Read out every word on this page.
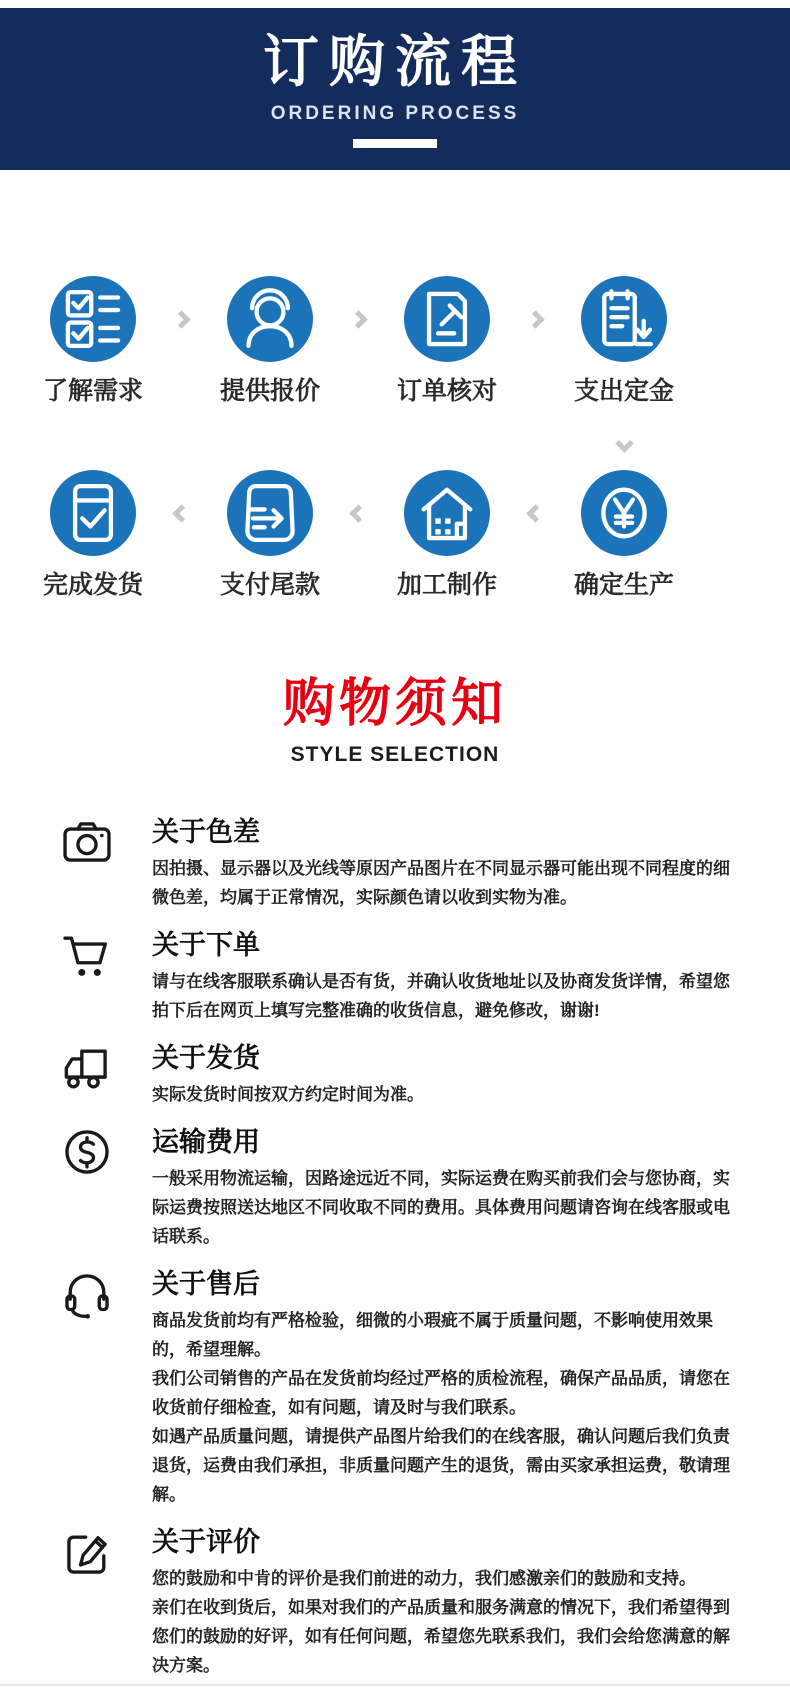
订购流程
ORDERING PROCESS
了解需求	提供报价	订单核对	支出定金
完成发货	支付尾款	加工制作	确定生产
购物须知
STYLE SELECTION
关于色差

因拍摄、显示器以及光线等原因产品图片在不同显示器可能出现不同程度的细微色差，均属于正常情况，实际颜色请以收到实物为准。

关于下单

请与在线客服联系确认是否有货，并确认收货地址以及协商发货详情，希望您拍下后在网页上填写完整准确的收货信息，避免修改，谢谢!

关于发货

实际发货时间按双方约定时间为准。

运输费用

一般采用物流运输，因路途远近不同，实际运费在购买前我们会与您协商，实际运费按照送达地区不同收取不同的费用。具体费用问题请咨询在线客服或电话联系。

关于售后

商品发货前均有严格检验，细微的小瑕疵不属于质量问题，不影响使用效果的，希望理解。

我们公司销售的产品在发货前均经过严格的质检流程，确保产品品质，请您在收货前仔细检查，如有问题，请及时与我们联系。

如遇产品质量问题，请提供产品图片给我们的在线客服，确认问题后我们负责退货，运费由我们承担，非质量问题产生的退货，需由买家承担运费，敬请理解。

关于评价

您的鼓励和中肯的评价是我们前进的动力，我们感激亲们的鼓励和支持。

亲们在收到货后，如果对我们的产品质量和服务满意的情况下，我们希望得到您们的鼓励的好评，如有任何问题，希望您先联系我们，我们会给您满意的解决方案。
